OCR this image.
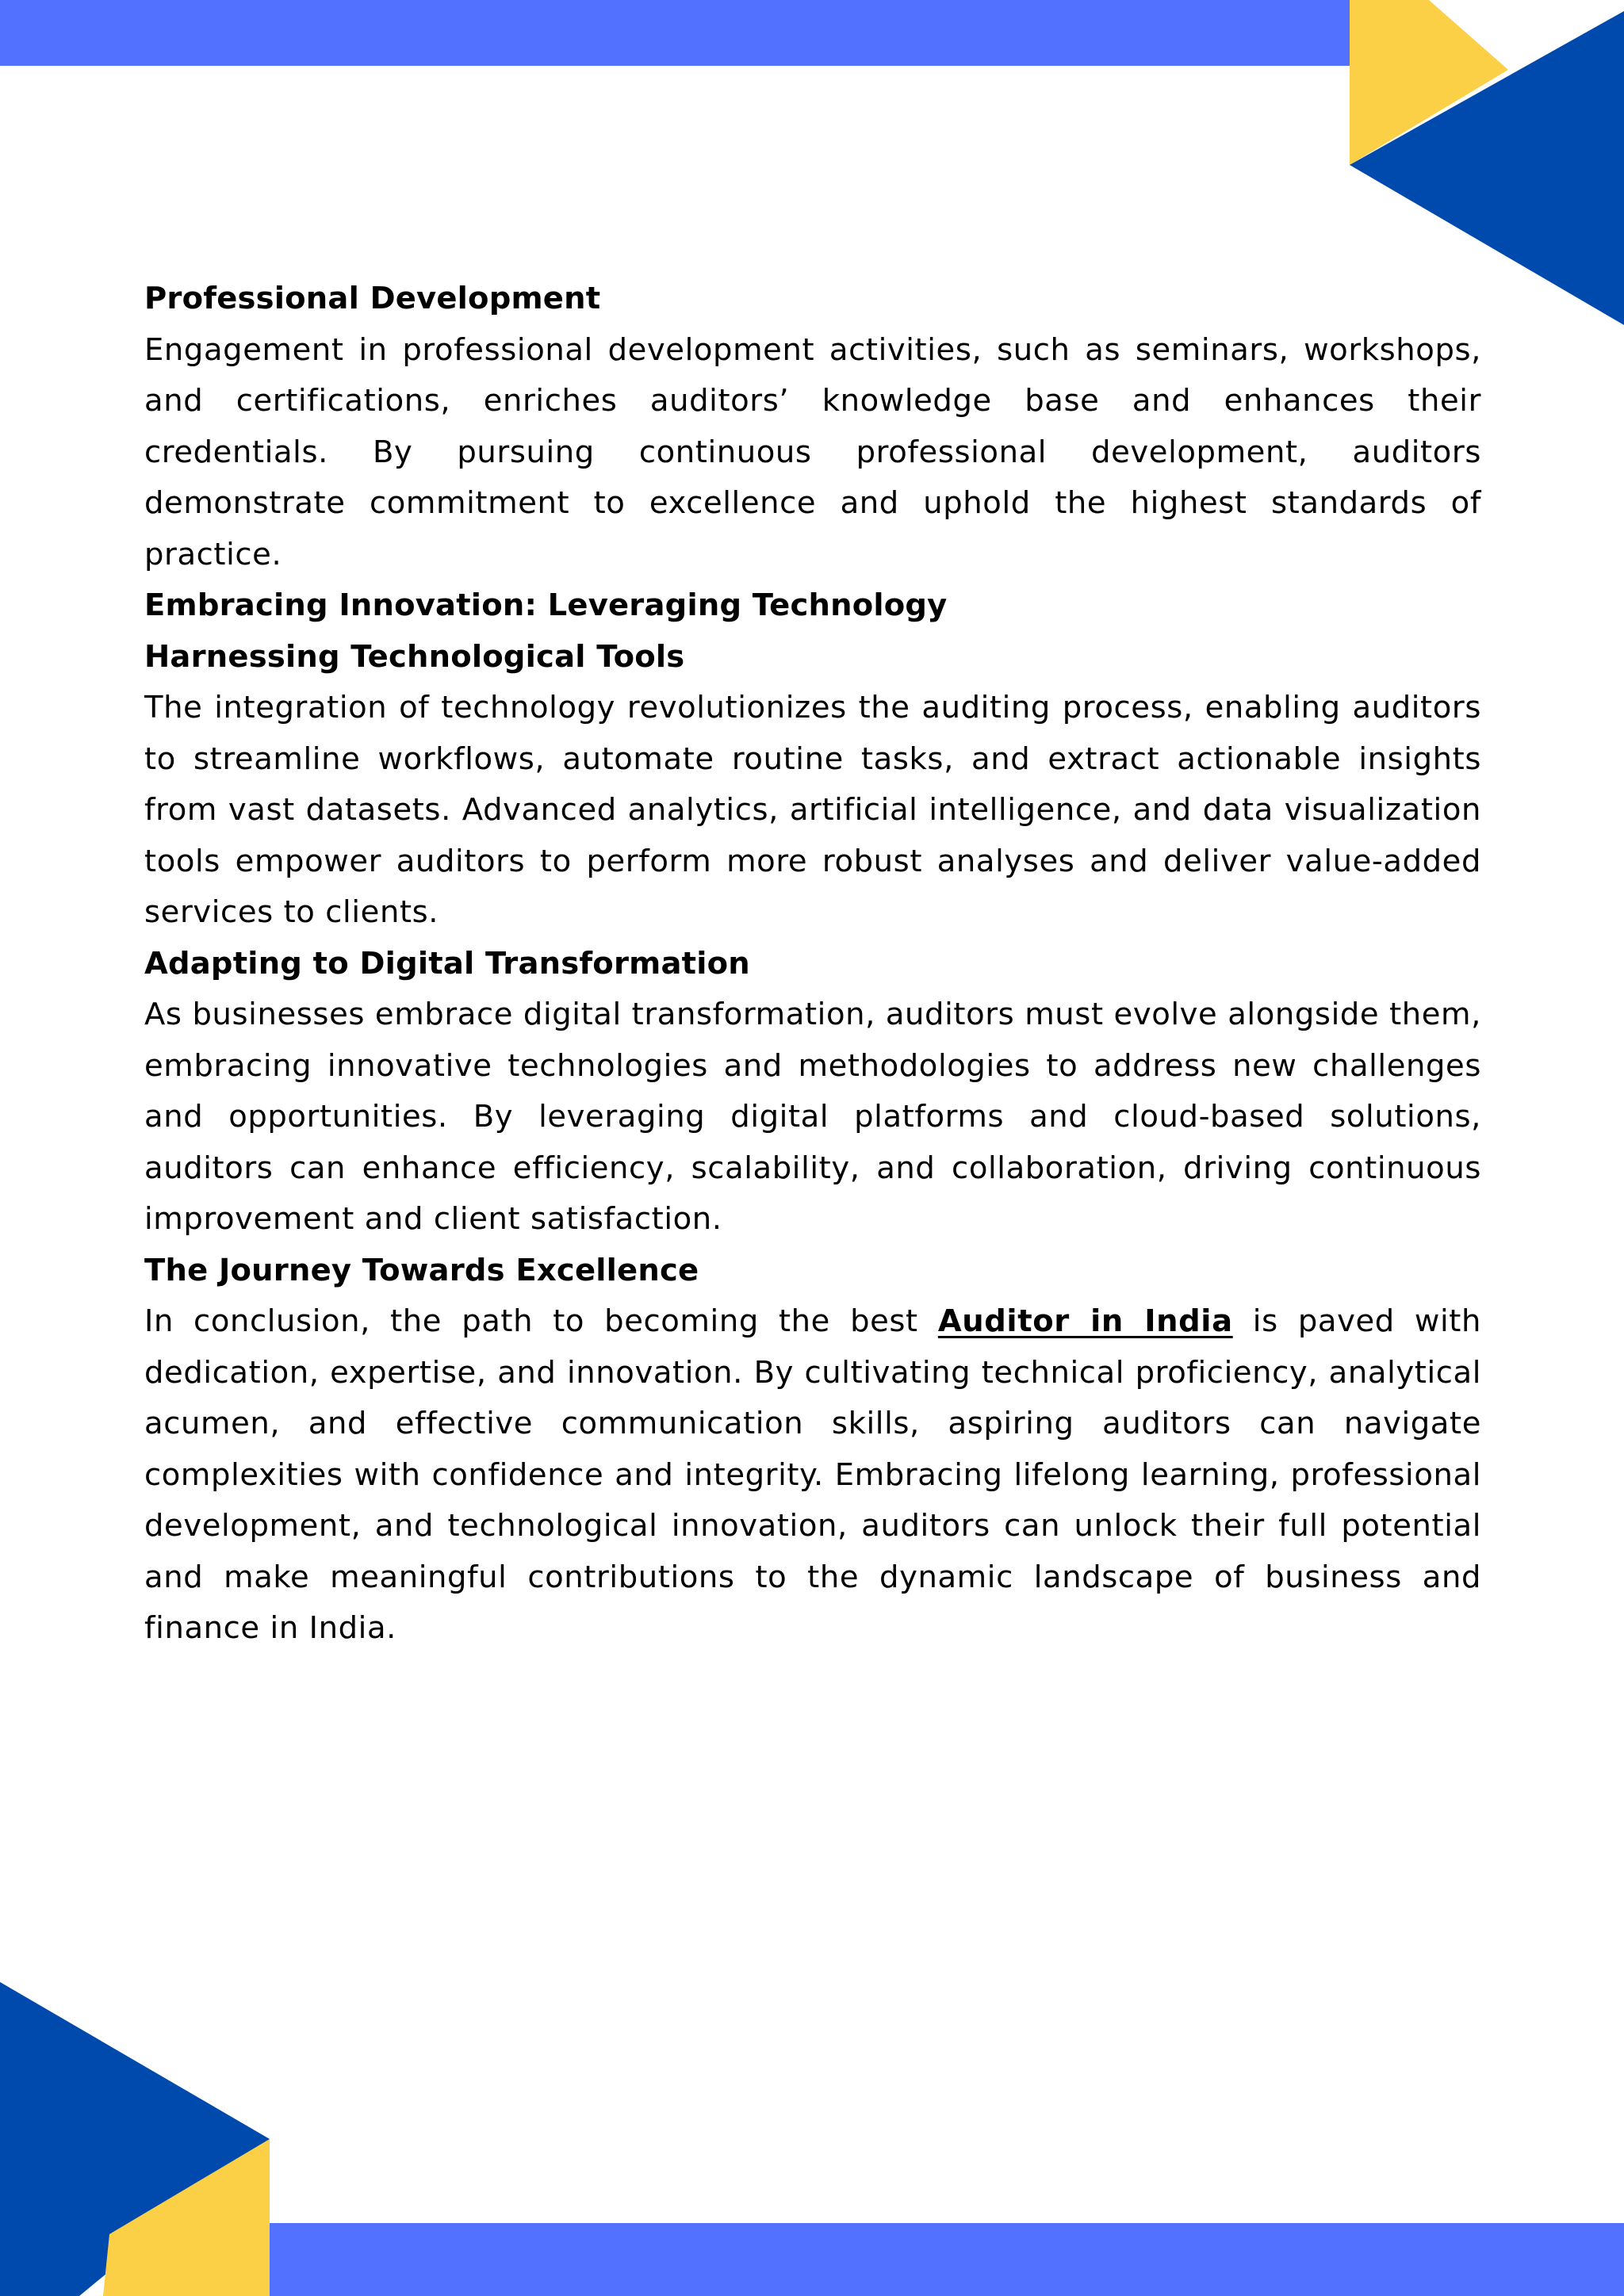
Professional Development

Engagement in professional development activities, such as seminars, workshops, and certifications, enriches auditors’ knowledge base and enhances their credentials. By pursuing continuous professional development, auditors demonstrate commitment to excellence and uphold the highest standards of practice.

Embracing Innovation: Leveraging Technology
Harnessing Technological Tools

The integration of technology revolutionizes the auditing process, enabling auditors to streamline workflows, automate routine tasks, and extract actionable insights from vast datasets. Advanced analytics, artificial intelligence, and data visualization tools empower auditors to perform more robust analyses and deliver value-added services to clients.

Adapting to Digital Transformation

As businesses embrace digital transformation, auditors must evolve alongside them, embracing innovative technologies and methodologies to address new challenges and opportunities. By leveraging digital platforms and cloud-based solutions, auditors can enhance efficiency, scalability, and collaboration, driving continuous improvement and client satisfaction.

The Journey Towards Excellence

In conclusion, the path to becoming the best Auditor in India is paved with dedication, expertise, and innovation. By cultivating technical proficiency, analytical acumen, and effective communication skills, aspiring auditors can navigate complexities with confidence and integrity. Embracing lifelong learning, professional development, and technological innovation, auditors can unlock their full potential and make meaningful contributions to the dynamic landscape of business and finance in India.
